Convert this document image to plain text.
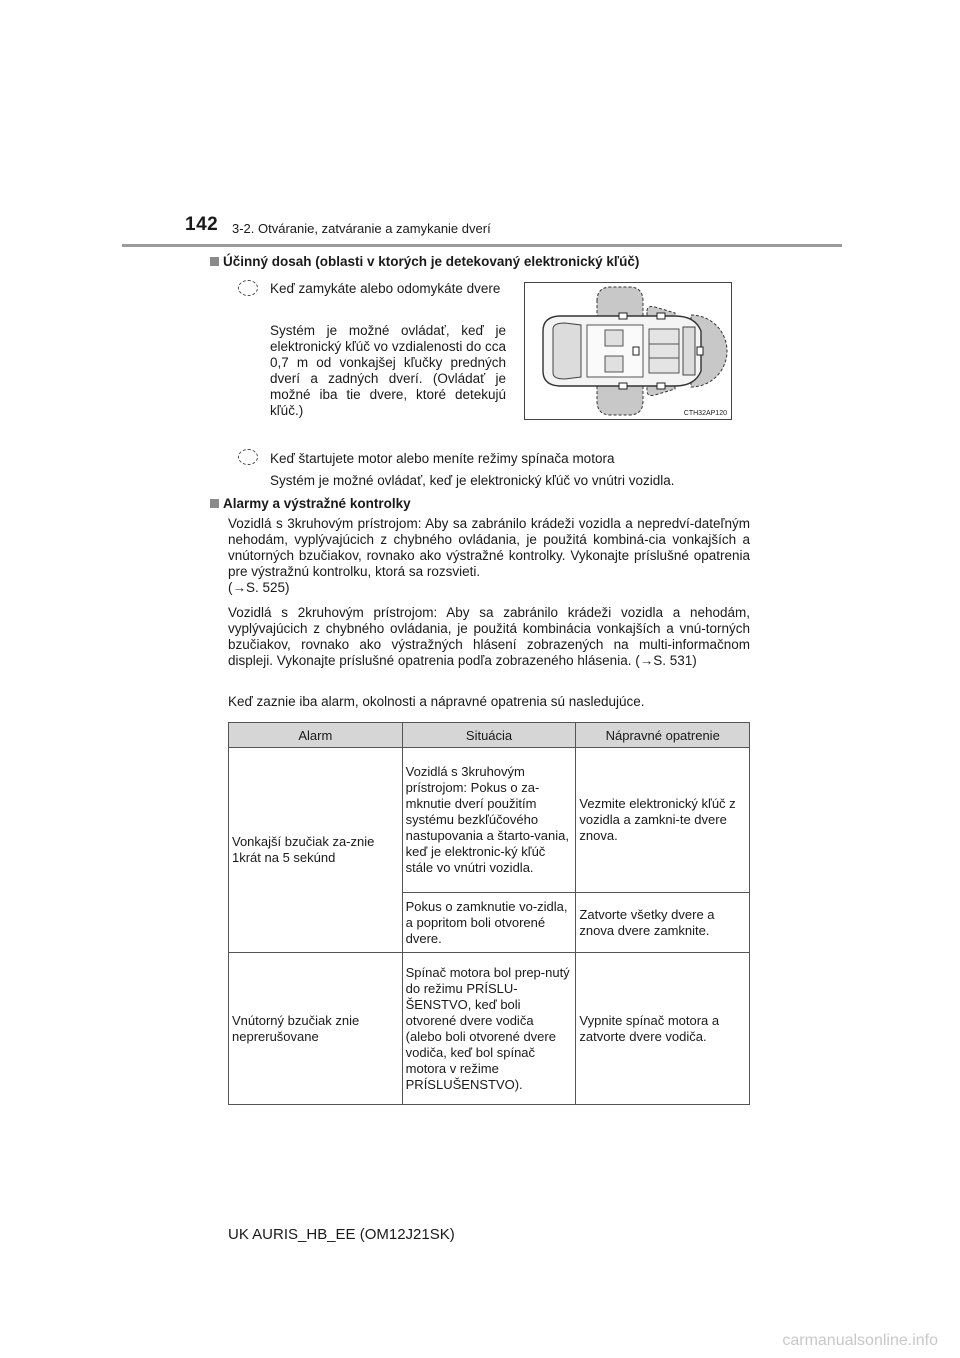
142 3-2. Otváranie, zatváranie a zamykanie dverí
Účinný dosah (oblasti v ktorých je detekovaný elektronický kľúč)
Keď zamykáte alebo odomykáte dvere
Systém je možné ovládať, keď je elektronický kľúč vo vzdialenosti do cca 0,7 m od vonkajšej kľučky predných dverí a zadných dverí. (Ovládať je možné iba tie dvere, ktoré detekujú kľúč.)	CTH32AP120
Keď štartujete motor alebo meníte režimy spínača motora
Systém je možné ovládať, keď je elektronický kľúč vo vnútri vozidla.
Alarmy a výstražné kontrolky
Vozidlá s 3kruhovým prístrojom: Aby sa zabránilo krádeži vozidla a nepredví-dateľným nehodám, vyplývajúcich z chybného ovládania, je použitá kombiná-cia vonkajších a vnútorných bzučiakov, rovnako ako výstražné kontrolky. Vykonajte príslušné opatrenia pre výstražnú kontrolku, ktorá sa rozsvieti.
(→S. 525)
Vozidlá s 2kruhovým prístrojom: Aby sa zabránilo krádeži vozidla a nehodám, vyplývajúcich z chybného ovládania, je použitá kombinácia vonkajších a vnú-torných bzučiakov, rovnako ako výstražných hlásení zobrazených na multi-informačnom displeji. Vykonajte príslušné opatrenia podľa zobrazeného hlásenia. (→S. 531)
Keď zaznie iba alarm, okolnosti a nápravné opatrenia sú nasledujúce.
Alarm	Situácia	Nápravné opatrenie
Vonkajší bzučiak za-znie 1krát na 5 sekúnd	Vozidlá s 3kruhovým prístrojom: Pokus o za-mknutie dverí použitím systému bezkľúčového nastupovania a štarto-vania, keď je elektronic-ký kľúč stále vo vnútri vozidla.	Vezmite elektronický kľúč z vozidla a zamkni-te dvere znova.
	Pokus o zamknutie vo-zidla, a popritom boli otvorené dvere.	Zatvorte všetky dvere a znova dvere zamknite.
Vnútorný bzučiak znie neprerušovane	Spínač motora bol prep-nutý do režimu PRÍSLU-ŠENSTVO, keď boli otvorené dvere vodiča (alebo boli otvorené dvere vodiča, keď bol spínač motora v režime PRÍSLUŠENSTVO).	Vypnite spínač motora a zatvorte dvere vodiča.
UK AURIS_HB_EE (OM12J21SK)
carmanualsonline.info
